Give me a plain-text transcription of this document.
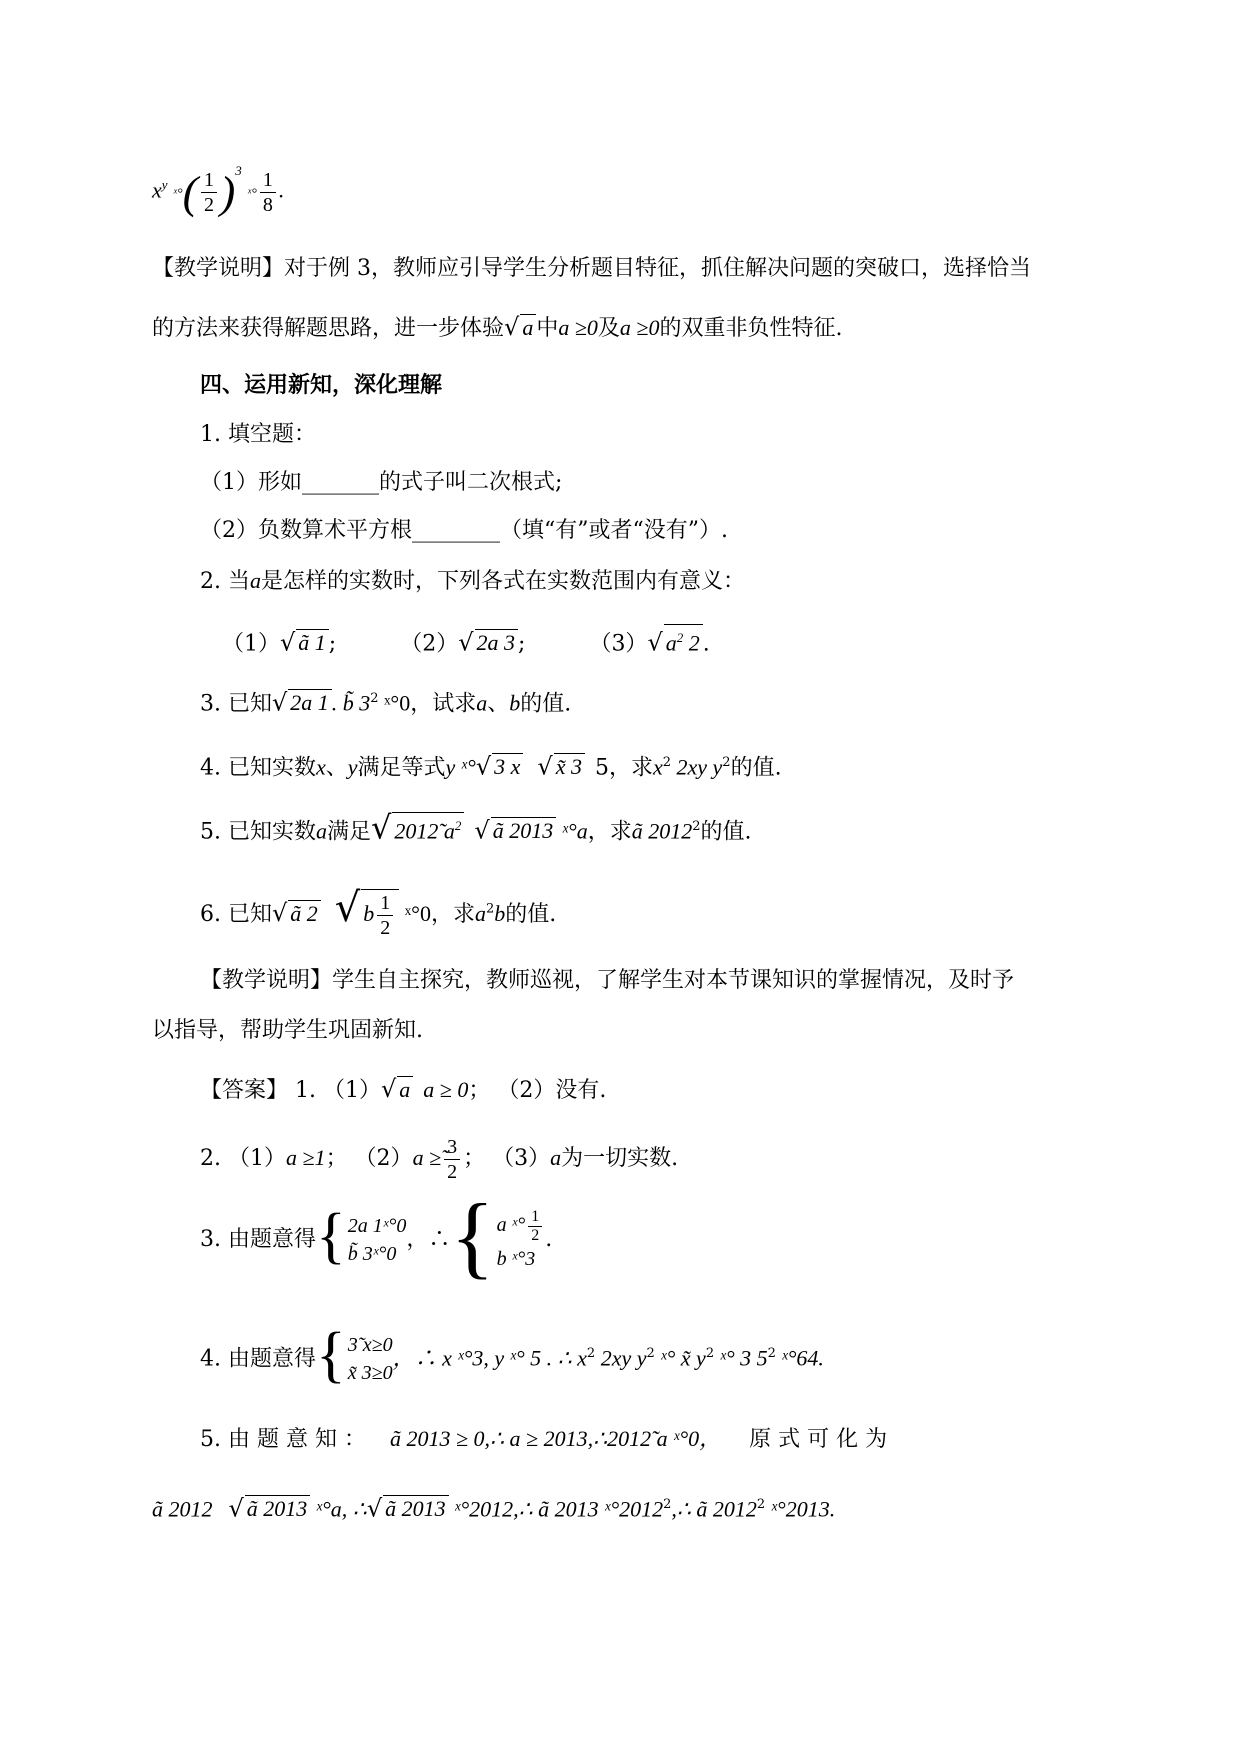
$x^y$ ˣ°( $\frac{1}{2} )^3$ ˣ° $\frac{1}{8}$ .
【教学说明】对于例 3，教师应引导学生分析题目特征，抓住解决问题的突破口，选择恰当
的方法来获得解题思路，进一步体验√ a 中a ≥0及a ≥0的双重非负性特征.
四、运用新知，深化理解
1. 填空题：
（1）形如_______的式子叫二次根式;
（2）负数算术平方根________（填“有”或者“没有”）.
2. 当a是怎样的实数时，下列各式在实数范围内有意义：
（1）√ ã 1 ;	（2）√ 2a 3 ;	（3）√ $a^2$ 2 .
3. 已知√ 2a 1 . b̃ $3^2$ ˣ°0，试求a、b的值.
4. 已知实数x、y满足等式y ˣ°√ 3 x √ x̃ 3 5，求$x^2$ 2xy $y^2$的值.
5. 已知实数a满足√ 2012̃ $a^2$ √ ã 2013 ˣ°a，求ã 2012$^2$的值.
6. 已知√ ã 2 √ b $\frac{1}{2}$ ˣ°0，求$a^2b$的值.
【教学说明】学生自主探究，教师巡视，了解学生对本节课知识的掌握情况，及时予
以指导，帮助学生巩固新知.
【答案】 1. （1）√ a a ≥ 0； （2）没有.
2. （1）a ≥1； （2）a ≥̃ $\frac{3}{2}$ ； （3）a为一切实数.
3. 由题意得{ 2a 1ˣ°0
b̃ 3ˣ°0
，∴{ a ˣ° $\frac{1}{2}$
b ˣ°3
.
4. 由题意得{ 3̃ x≥0
x̃ 3≥0
，∴ x ˣ°3, y ˣ° 5 . ∴ $x^2$ 2xy $y^2$ ˣ° x̃ $y^2$ ˣ° 3 $5^2$ ˣ°64.
5. 由 题 意 知 ： ã 2013 ≥ 0,∴ a ≥ 2013,∴2012̃ a ˣ°0， 原 式 可 化 为
ã 2012 √ ã 2013 ˣ°a, ∴√ ã 2013 ˣ°2012,∴ ã 2013 ˣ°2012$^2$,∴ ã 2012$^2$ ˣ°2013.
